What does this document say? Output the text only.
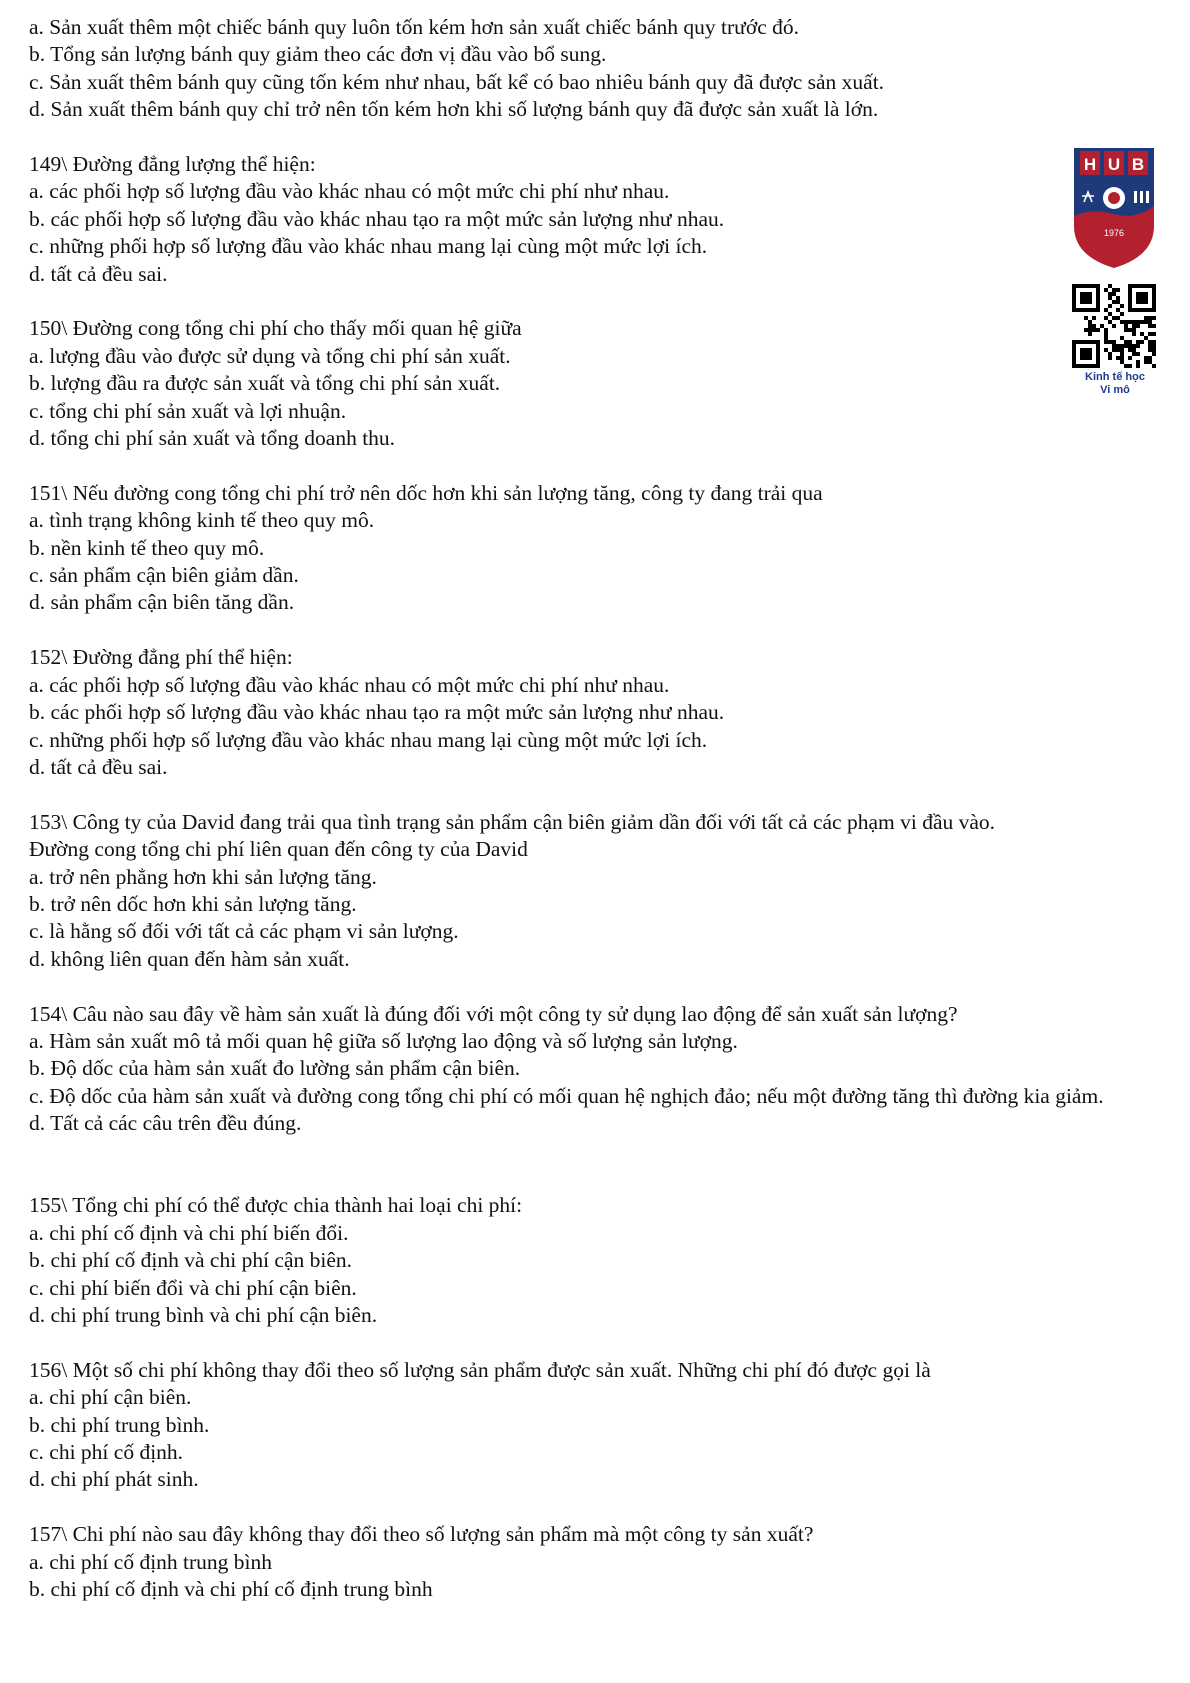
a. Sản xuất thêm một chiếc bánh quy luôn tốn kém hơn sản xuất chiếc bánh quy trước đó.
b. Tổng sản lượng bánh quy giảm theo các đơn vị đầu vào bổ sung.
c. Sản xuất thêm bánh quy cũng tốn kém như nhau, bất kể có bao nhiêu bánh quy đã được sản xuất.
d. Sản xuất thêm bánh quy chỉ trở nên tốn kém hơn khi số lượng bánh quy đã được sản xuất là lớn.
149\ Đường đẳng lượng thể hiện:
a. các phối hợp số lượng đầu vào khác nhau có một mức chi phí như nhau.
b. các phối hợp số lượng đầu vào khác nhau tạo ra một mức sản lượng như nhau.
c. những phối hợp số lượng đầu vào khác nhau mang lại cùng một mức lợi ích.
d. tất cả đều sai.
150\ Đường cong tổng chi phí cho thấy mối quan hệ giữa
a. lượng đầu vào được sử dụng và tổng chi phí sản xuất.
b. lượng đầu ra được sản xuất và tổng chi phí sản xuất.
c. tổng chi phí sản xuất và lợi nhuận.
d. tổng chi phí sản xuất và tổng doanh thu.
151\ Nếu đường cong tổng chi phí trở nên dốc hơn khi sản lượng tăng, công ty đang trải qua
a. tình trạng không kinh tế theo quy mô.
b. nền kinh tế theo quy mô.
c. sản phẩm cận biên giảm dần.
d. sản phẩm cận biên tăng dần.
152\ Đường đẳng phí thể hiện:
a. các phối hợp số lượng đầu vào khác nhau có một mức chi phí như nhau.
b. các phối hợp số lượng đầu vào khác nhau tạo ra một mức sản lượng như nhau.
c. những phối hợp số lượng đầu vào khác nhau mang lại cùng một mức lợi ích.
d. tất cả đều sai.
153\ Công ty của David đang trải qua tình trạng sản phẩm cận biên giảm dần đối với tất cả các phạm vi đầu vào.
Đường cong tổng chi phí liên quan đến công ty của David
a. trở nên phẳng hơn khi sản lượng tăng.
b. trở nên dốc hơn khi sản lượng tăng.
c. là hằng số đối với tất cả các phạm vi sản lượng.
d. không liên quan đến hàm sản xuất.
154\ Câu nào sau đây về hàm sản xuất là đúng đối với một công ty sử dụng lao động để sản xuất sản lượng?
a. Hàm sản xuất mô tả mối quan hệ giữa số lượng lao động và số lượng sản lượng.
b. Độ dốc của hàm sản xuất đo lường sản phẩm cận biên.
c. Độ dốc của hàm sản xuất và đường cong tổng chi phí có mối quan hệ nghịch đảo; nếu một đường tăng thì đường kia giảm.
d. Tất cả các câu trên đều đúng.
155\ Tổng chi phí có thể được chia thành hai loại chi phí:
a. chi phí cố định và chi phí biến đổi.
b. chi phí cố định và chi phí cận biên.
c. chi phí biến đổi và chi phí cận biên.
d. chi phí trung bình và chi phí cận biên.
156\ Một số chi phí không thay đổi theo số lượng sản phẩm được sản xuất. Những chi phí đó được gọi là
a. chi phí cận biên.
b. chi phí trung bình.
c. chi phí cố định.
d. chi phí phát sinh.
157\ Chi phí nào sau đây không thay đổi theo số lượng sản phẩm mà một công ty sản xuất?
a. chi phí cố định trung bình
b. chi phí cố định và chi phí cố định trung bình
H U B
1976
Kinh tế học
Vi mô
